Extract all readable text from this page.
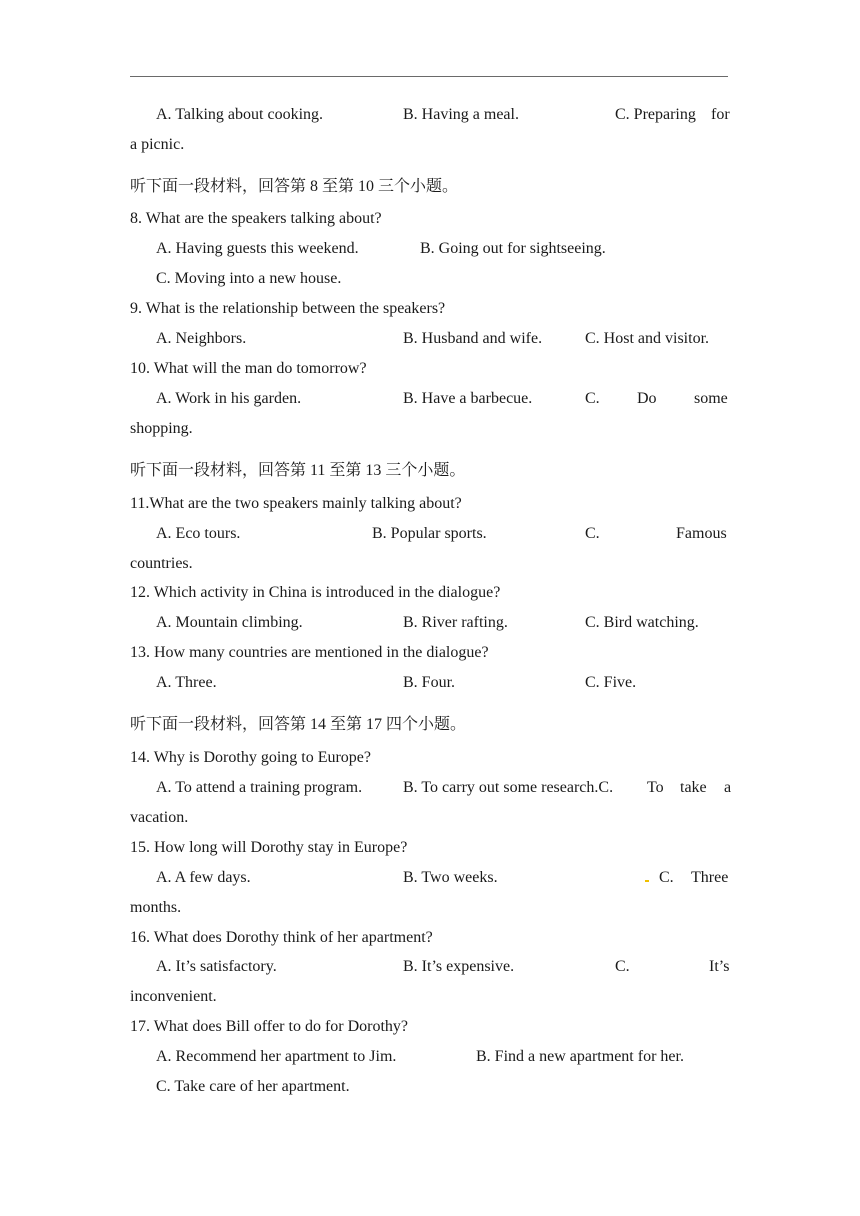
A. Talking about cooking.	B. Having a meal.	C. Preparing for
a picnic.
听下面一段材料，回答第 8 至第 10 三个小题。
8. What are the speakers talking about?
A. Having guests this weekend.	B. Going out for sightseeing.
C. Moving into a new house.
9. What is the relationship between the speakers?
A. Neighbors.	B. Husband and wife.	C. Host and visitor.
10. What will the man do tomorrow?
A. Work in his garden.	B. Have a barbecue.	C. Do some
shopping.
听下面一段材料，回答第 11 至第 13 三个小题。
11.What are the two speakers mainly talking about?
A. Eco tours.	B. Popular sports.	C.	Famous
countries.
12. Which activity in China is introduced in the dialogue?
A. Mountain climbing.	B. River rafting.	C. Bird watching.
13. How many countries are mentioned in the dialogue?
A. Three.	B. Four.	C. Five.
听下面一段材料，回答第 14 至第 17 四个小题。
14. Why is Dorothy going to Europe?
A. To attend a training program.	B. To carry out some research.C. To take a
vacation.
15. How long will Dorothy stay in Europe?
A. A few days.	B. Two weeks.	C. Three
months.
16. What does Dorothy think of her apartment?
A. It’s satisfactory.	B. It’s expensive.	C.	It’s
inconvenient.
17. What does Bill offer to do for Dorothy?
A. Recommend her apartment to Jim.	B. Find a new apartment for her.
C. Take care of her apartment.
